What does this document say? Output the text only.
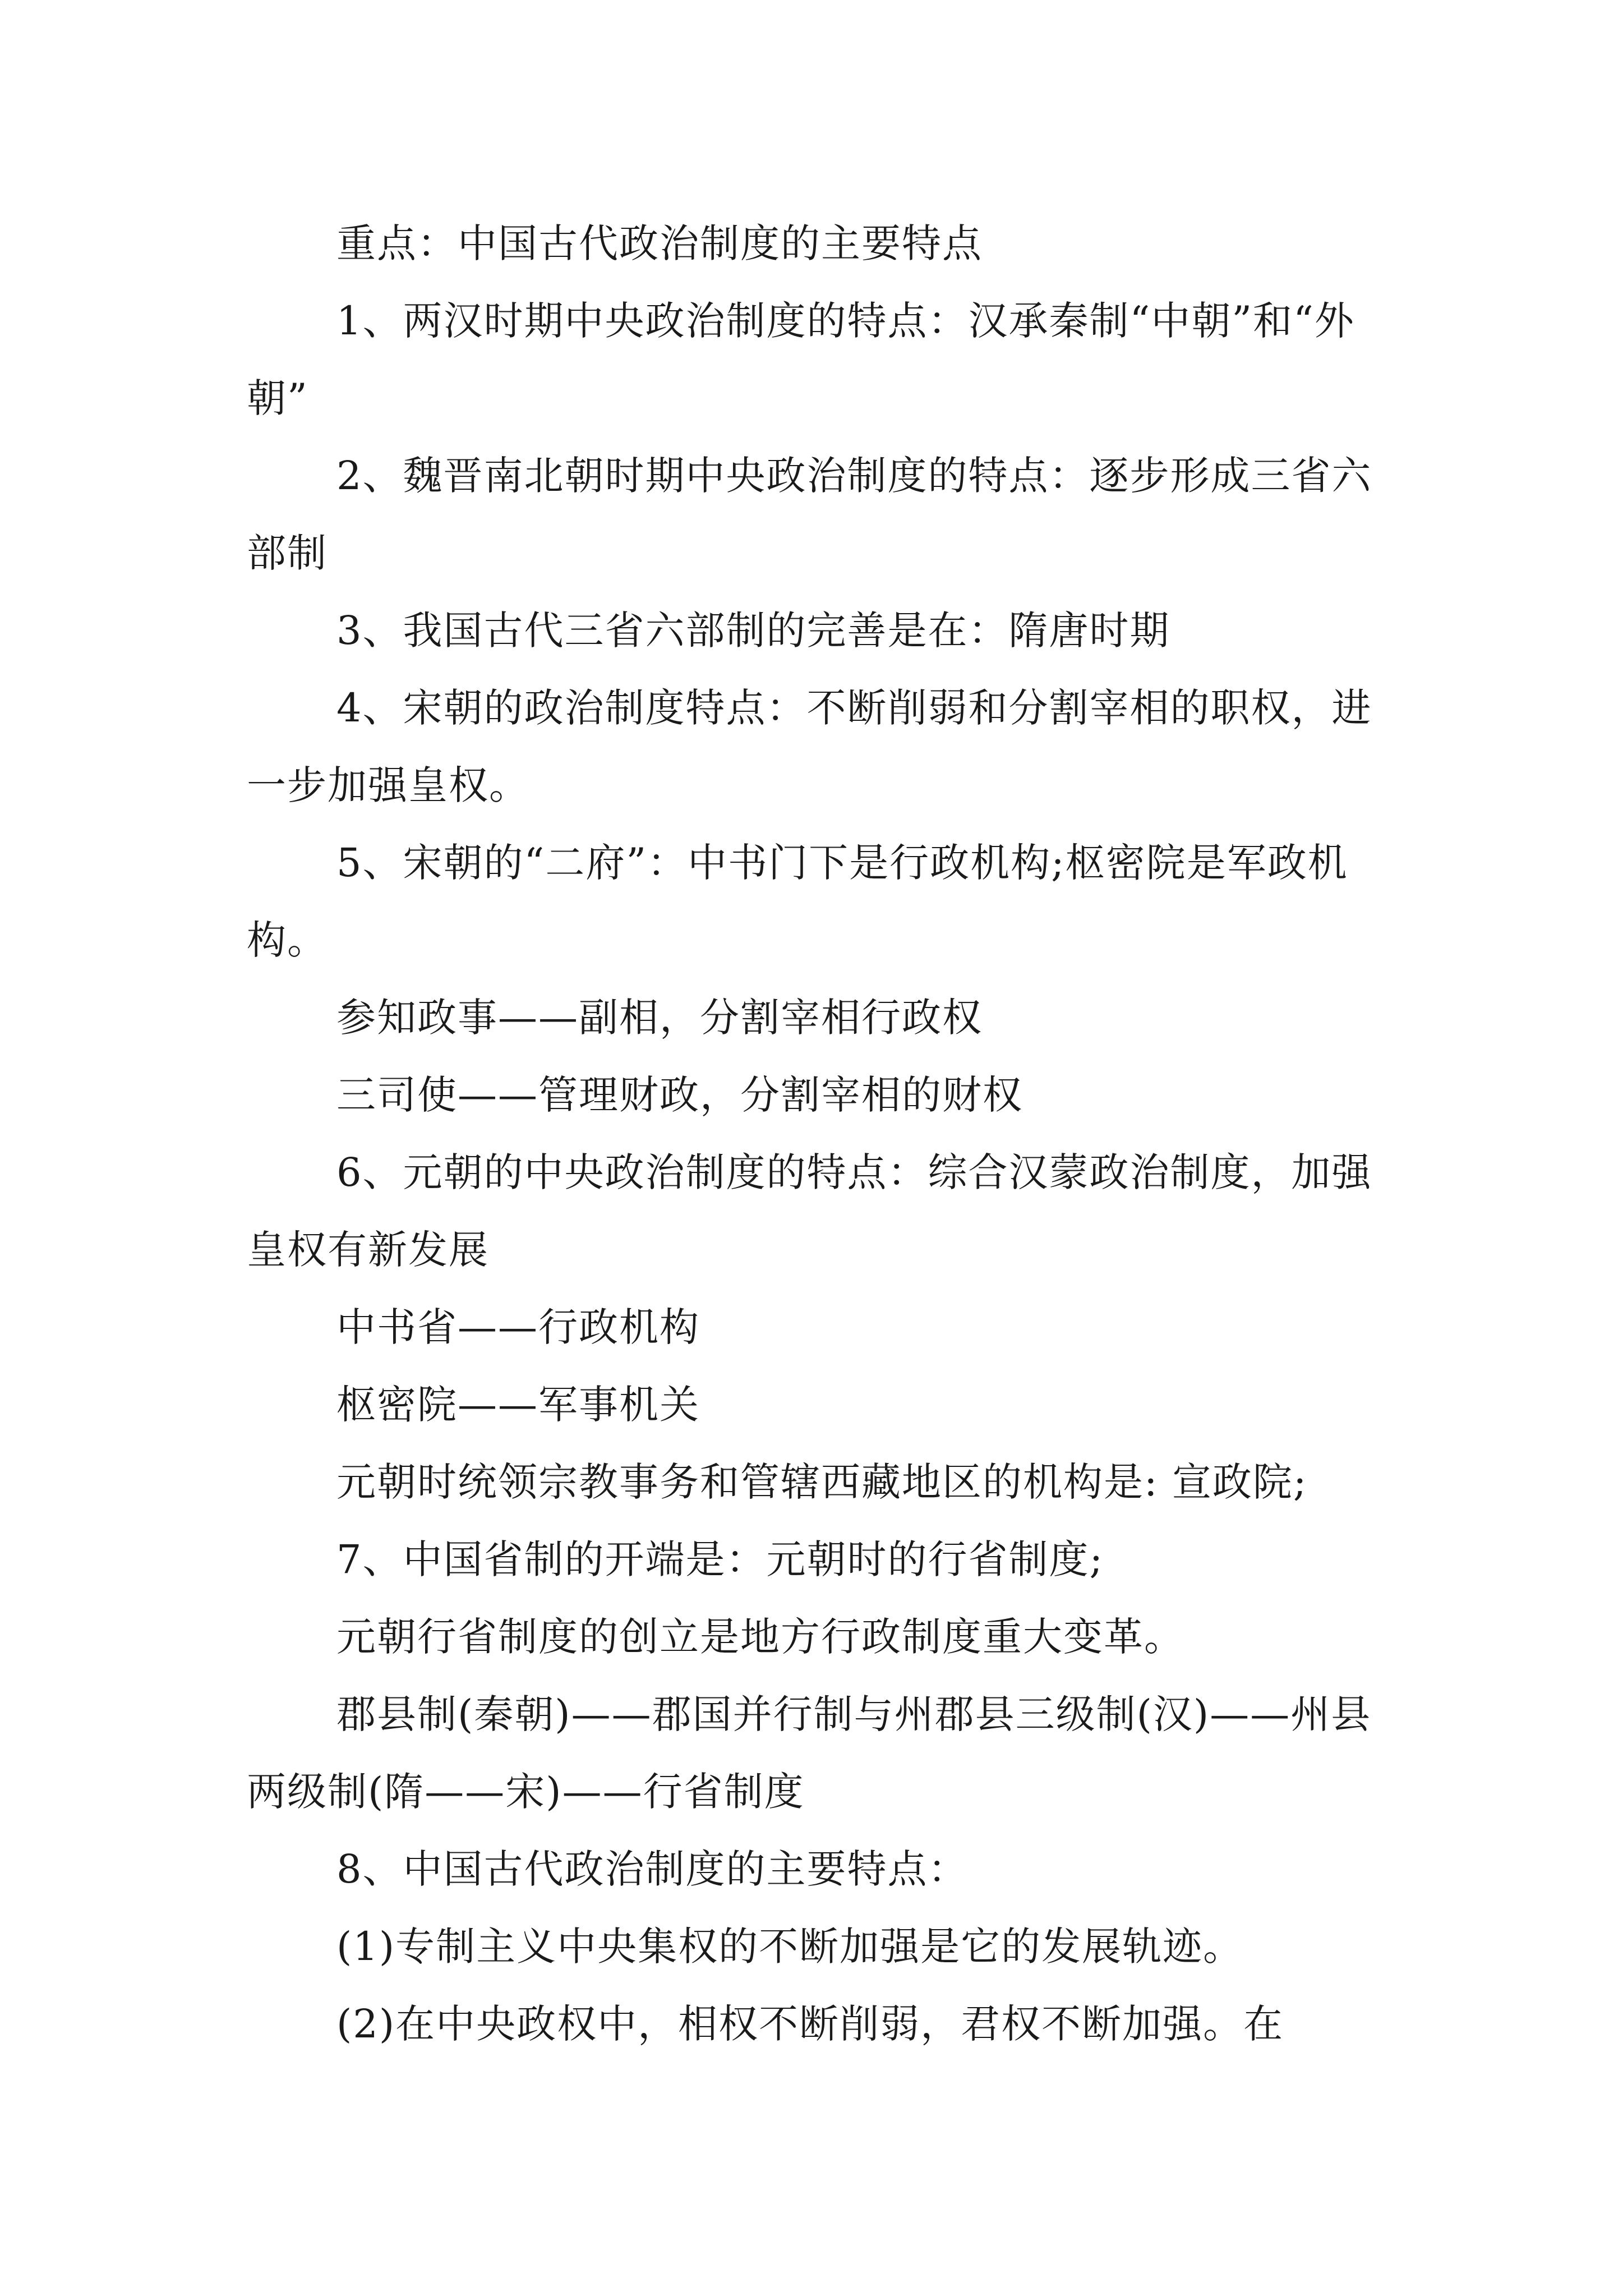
重点：中国古代政治制度的主要特点

1、两汉时期中央政治制度的特点：汉承秦制“中朝”和“外朝”

2、魏晋南北朝时期中央政治制度的特点：逐步形成三省六部制

3、我国古代三省六部制的完善是在：隋唐时期

4、宋朝的政治制度特点：不断削弱和分割宰相的职权，进一步加强皇权。

5、宋朝的“二府”：中书门下是行政机构;枢密院是军政机构。

参知政事——副相，分割宰相行政权

三司使——管理财政，分割宰相的财权

6、元朝的中央政治制度的特点：综合汉蒙政治制度，加强皇权有新发展

中书省——行政机构

枢密院——军事机关

元朝时统领宗教事务和管辖西藏地区的机构是: 宣政院;

7、中国省制的开端是：元朝时的行省制度;

元朝行省制度的创立是地方行政制度重大变革。

郡县制(秦朝)——郡国并行制与州郡县三级制(汉)——州县两级制(隋——宋)——行省制度

8、中国古代政治制度的主要特点：

(1)专制主义中央集权的不断加强是它的发展轨迹。

(2)在中央政权中，相权不断削弱，君权不断加强。在
